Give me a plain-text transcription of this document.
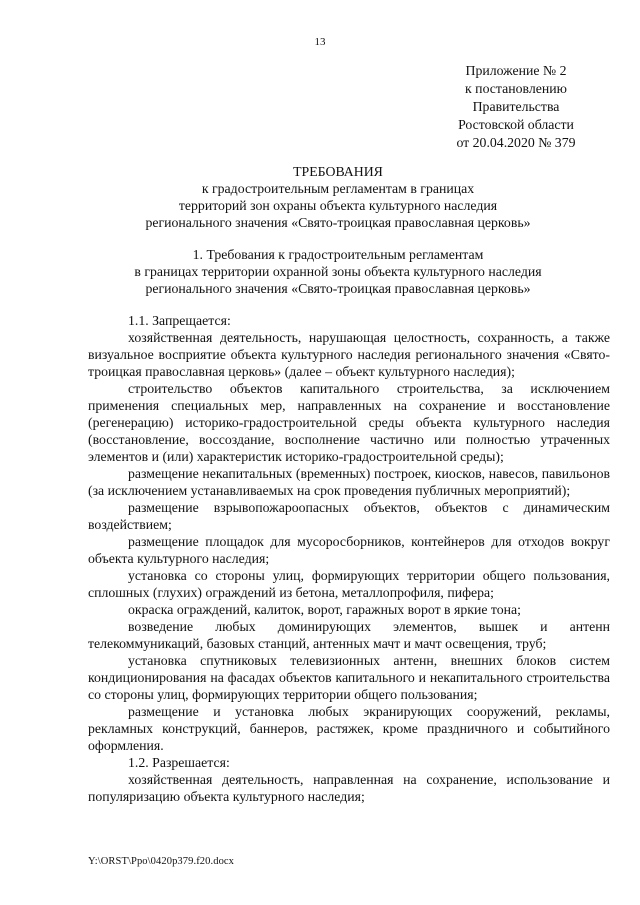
13
Приложение № 2
к постановлению
Правительства
Ростовской области
от 20.04.2020 № 379
ТРЕБОВАНИЯ
к градостроительным регламентам в границах
территорий зон охраны объекта культурного наследия
регионального значения «Свято-троицкая православная церковь»
1. Требования к градостроительным регламентам
в границах территории охранной зоны объекта культурного наследия
регионального значения «Свято-троицкая православная церковь»

1.1. Запрещается:

хозяйственная деятельность, нарушающая целостность, сохранность, а также визуальное восприятие объекта культурного наследия регионального значения «Свято-троицкая православная церковь» (далее – объект культурного наследия);

строительство объектов капитального строительства, за исключением применения специальных мер, направленных на сохранение и восстановление (регенерацию) историко-градостроительной среды объекта культурного наследия (восстановление, воссоздание, восполнение частично или полностью утраченных элементов и (или) характеристик историко-градостроительной среды);

размещение некапитальных (временных) построек, киосков, навесов, павильонов (за исключением устанавливаемых на срок проведения публичных мероприятий);

размещение взрывопожароопасных объектов, объектов с динамическим воздействием;

размещение площадок для мусоросборников, контейнеров для отходов вокруг объекта культурного наследия;

установка со стороны улиц, формирующих территории общего пользования, сплошных (глухих) ограждений из бетона, металлопрофиля, пифера;

окраска ограждений, калиток, ворот, гаражных ворот в яркие тона;

возведение любых доминирующих элементов, вышек и антенн телекоммуникаций, базовых станций, антенных мачт и мачт освещения, труб;

установка спутниковых телевизионных антенн, внешних блоков систем кондиционирования на фасадах объектов капитального и некапитального строительства со стороны улиц, формирующих территории общего пользования;

размещение и установка любых экранирующих сооружений, рекламы, рекламных конструкций, баннеров, растяжек, кроме праздничного и событийного оформления.

1.2. Разрешается:

хозяйственная деятельность, направленная на сохранение, использование и популяризацию объекта культурного наследия;

Y:\ORST\Ppo\0420p379.f20.docx
